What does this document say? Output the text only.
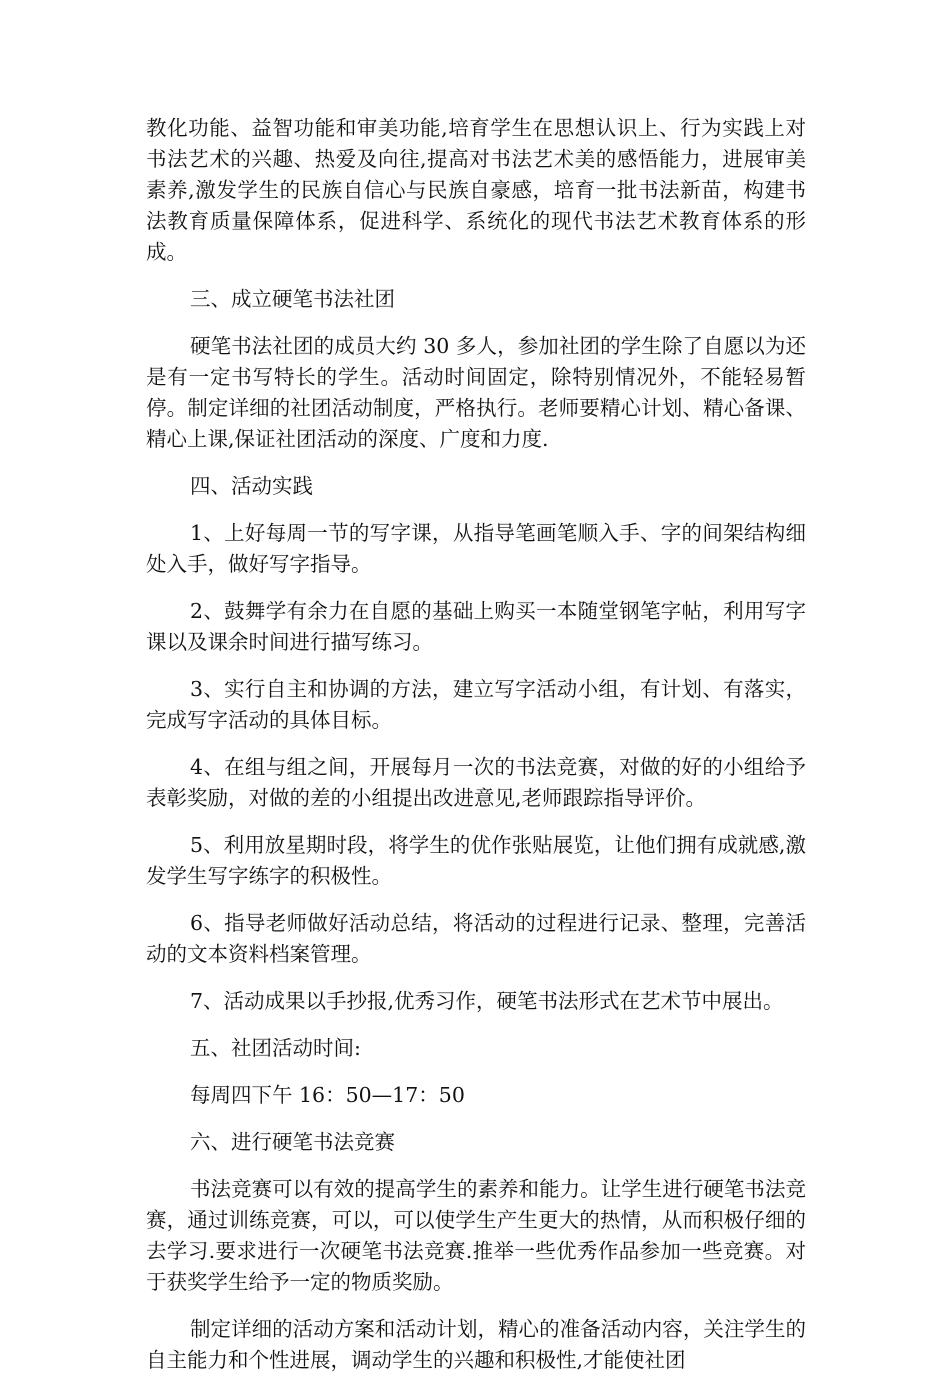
教化功能、益智功能和审美功能,培育学生在思想认识上、行为实践上对书法艺术的兴趣、热爱及向往,提高对书法艺术美的感悟能力，进展审美素养,激发学生的民族自信心与民族自豪感，培育一批书法新苗，构建书法教育质量保障体系，促进科学、系统化的现代书法艺术教育体系的形成。

三、成立硬笔书法社团

硬笔书法社团的成员大约 30 多人，参加社团的学生除了自愿以为还是有一定书写特长的学生。活动时间固定，除特别情况外，不能轻易暂停。制定详细的社团活动制度，严格执行。老师要精心计划、精心备课、精心上课,保证社团活动的深度、广度和力度.

四、活动实践

1、上好每周一节的写字课，从指导笔画笔顺入手、字的间架结构细处入手，做好写字指导。

2、鼓舞学有余力在自愿的基础上购买一本随堂钢笔字帖，利用写字课以及课余时间进行描写练习。

3、实行自主和协调的方法，建立写字活动小组，有计划、有落实，完成写字活动的具体目标。

4、在组与组之间，开展每月一次的书法竞赛，对做的好的小组给予表彰奖励，对做的差的小组提出改进意见,老师跟踪指导评价。

5、利用放星期时段，将学生的优作张贴展览，让他们拥有成就感,激发学生写字练字的积极性。

6、指导老师做好活动总结，将活动的过程进行记录、整理，完善活动的文本资料档案管理。

7、活动成果以手抄报,优秀习作，硬笔书法形式在艺术节中展出。

五、社团活动时间:

每周四下午 16：50—17：50

六、进行硬笔书法竞赛

书法竞赛可以有效的提高学生的素养和能力。让学生进行硬笔书法竞赛，通过训练竞赛，可以，可以使学生产生更大的热情，从而积极仔细的去学习.要求进行一次硬笔书法竞赛.推举一些优秀作品参加一些竞赛。对于获奖学生给予一定的物质奖励。

制定详细的活动方案和活动计划，精心的准备活动内容，关注学生的自主能力和个性进展，调动学生的兴趣和积极性,才能使社团
